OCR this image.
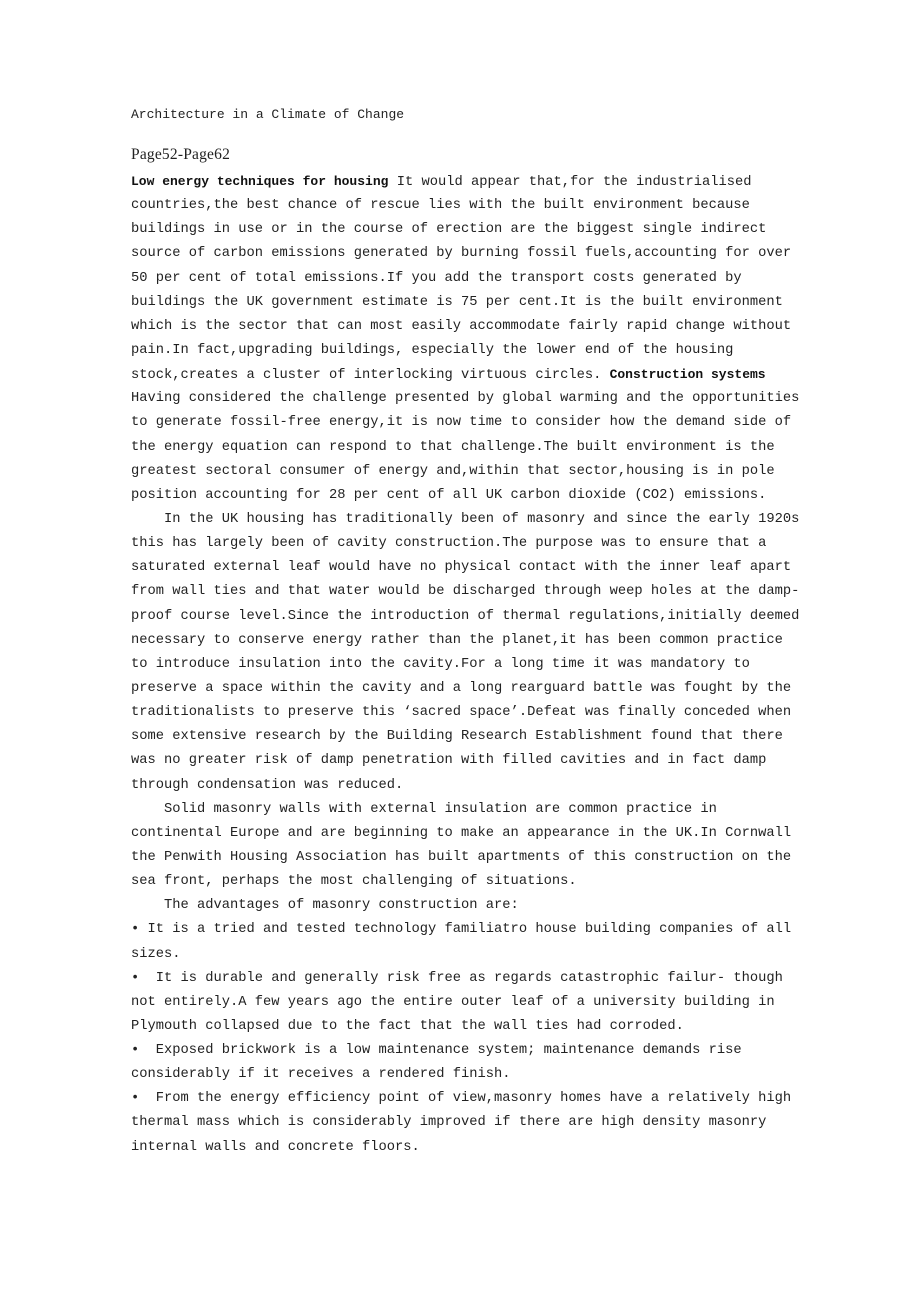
Architecture in a Climate of Change
Page52-Page62
Low energy techniques for housing It would appear that,for the industrialised
countries,the best chance of rescue lies with the built environment because
buildings in use or in the course of erection are the biggest single indirect
source of carbon emissions generated by burning fossil fuels,accounting for over
50 per cent of total emissions.If you add the transport costs generated by
buildings the UK government estimate is 75 per cent.It is the built environment
which is the sector that can most easily accommodate fairly rapid change without
pain.In fact,upgrading buildings, especially the lower end of the housing
stock,creates a cluster of interlocking virtuous circles. Construction systems
Having considered the challenge presented by global warming and the opportunities
to generate fossil-free energy,it is now time to consider how the demand side of
the energy equation can respond to that challenge.The built environment is the
greatest sectoral consumer of energy and,within that sector,housing is in pole
position accounting for 28 per cent of all UK carbon dioxide (CO2) emissions.
In the UK housing has traditionally been of masonry and since the early 1920s
this has largely been of cavity construction.The purpose was to ensure that a
saturated external leaf would have no physical contact with the inner leaf apart
from wall ties and that water would be discharged through weep holes at the damp-
proof course level.Since the introduction of thermal regulations,initially deemed
necessary to conserve energy rather than the planet,it has been common practice
to introduce insulation into the cavity.For a long time it was mandatory to
preserve a space within the cavity and a long rearguard battle was fought by the
traditionalists to preserve this ‘sacred space’.Defeat was finally conceded when
some extensive research by the Building Research Establishment found that there
was no greater risk of damp penetration with filled cavities and in fact damp
through condensation was reduced.
Solid masonry walls with external insulation are common practice in
continental Europe and are beginning to make an appearance in the UK.In Cornwall
the Penwith Housing Association has built apartments of this construction on the
sea front, perhaps the most challenging of situations.
The advantages of masonry construction are:
• It is a tried and tested technology familiatro house building companies of all
sizes.
•  It is durable and generally risk free as regards catastrophic failur- though
not entirely.A few years ago the entire outer leaf of a university building in
Plymouth collapsed due to the fact that the wall ties had corroded.
•  Exposed brickwork is a low maintenance system; maintenance demands rise
considerably if it receives a rendered finish.
•  From the energy efficiency point of view,masonry homes have a relatively high
thermal mass which is considerably improved if there are high density masonry
internal walls and concrete floors.
